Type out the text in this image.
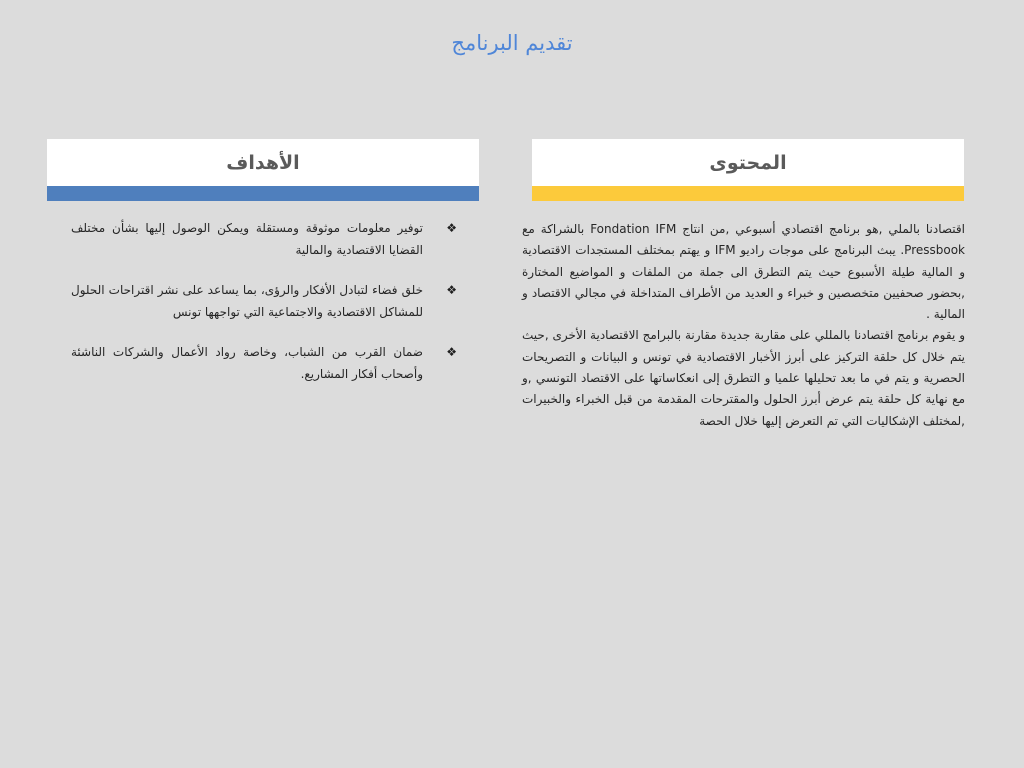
تقديم البرنامج
الأهداف
❖
توفير معلومات موثوقة ومستقلة ويمكن الوصول إليها بشأن مختلف القضايا الاقتصادية والمالية
❖
خلق فضاء لتبادل الأفكار والرؤى، بما يساعد على نشر اقتراحات الحلول للمشاكل الاقتصادية والاجتماعية التي تواجهها تونس
❖
ضمان القرب من الشباب، وخاصة رواد الأعمال والشركات الناشئة وأصحاب أفكار المشاريع.
المحتوى

اقتصادنا بالملي ,هو برنامج اقتصادي أسبوعي ,من انتاج Fondation IFM بالشراكة مع Pressbook. يبث البرنامج على موجات راديو IFM و يهتم بمختلف المستجدات الاقتصادية و المالية طيلة الأسبوع حيث يتم التطرق الى جملة من الملفات و المواضيع المختارة ,بحضور صحفيين متخصصين و خبراء و العديد من الأطراف المتداخلة في مجالي الاقتصاد و المالية .

و يقوم برنامج اقتصادنا بالمللي على مقاربة جديدة مقارنة بالبرامج الاقتصادية الأخرى ,حيث يتم خلال كل حلقة التركيز على أبرز الأخبار الاقتصادية في تونس و البيانات و التصريحات الحصرية و يتم في ما بعد تحليلها علميا و التطرق إلى انعكاساتها على الاقتصاد التونسي ,و مع نهاية كل حلقة يتم عرض أبرز الحلول والمقترحات المقدمة من قبل الخبراء والخبيرات ,لمختلف الإشكاليات التي تم التعرض إليها خلال الحصة
